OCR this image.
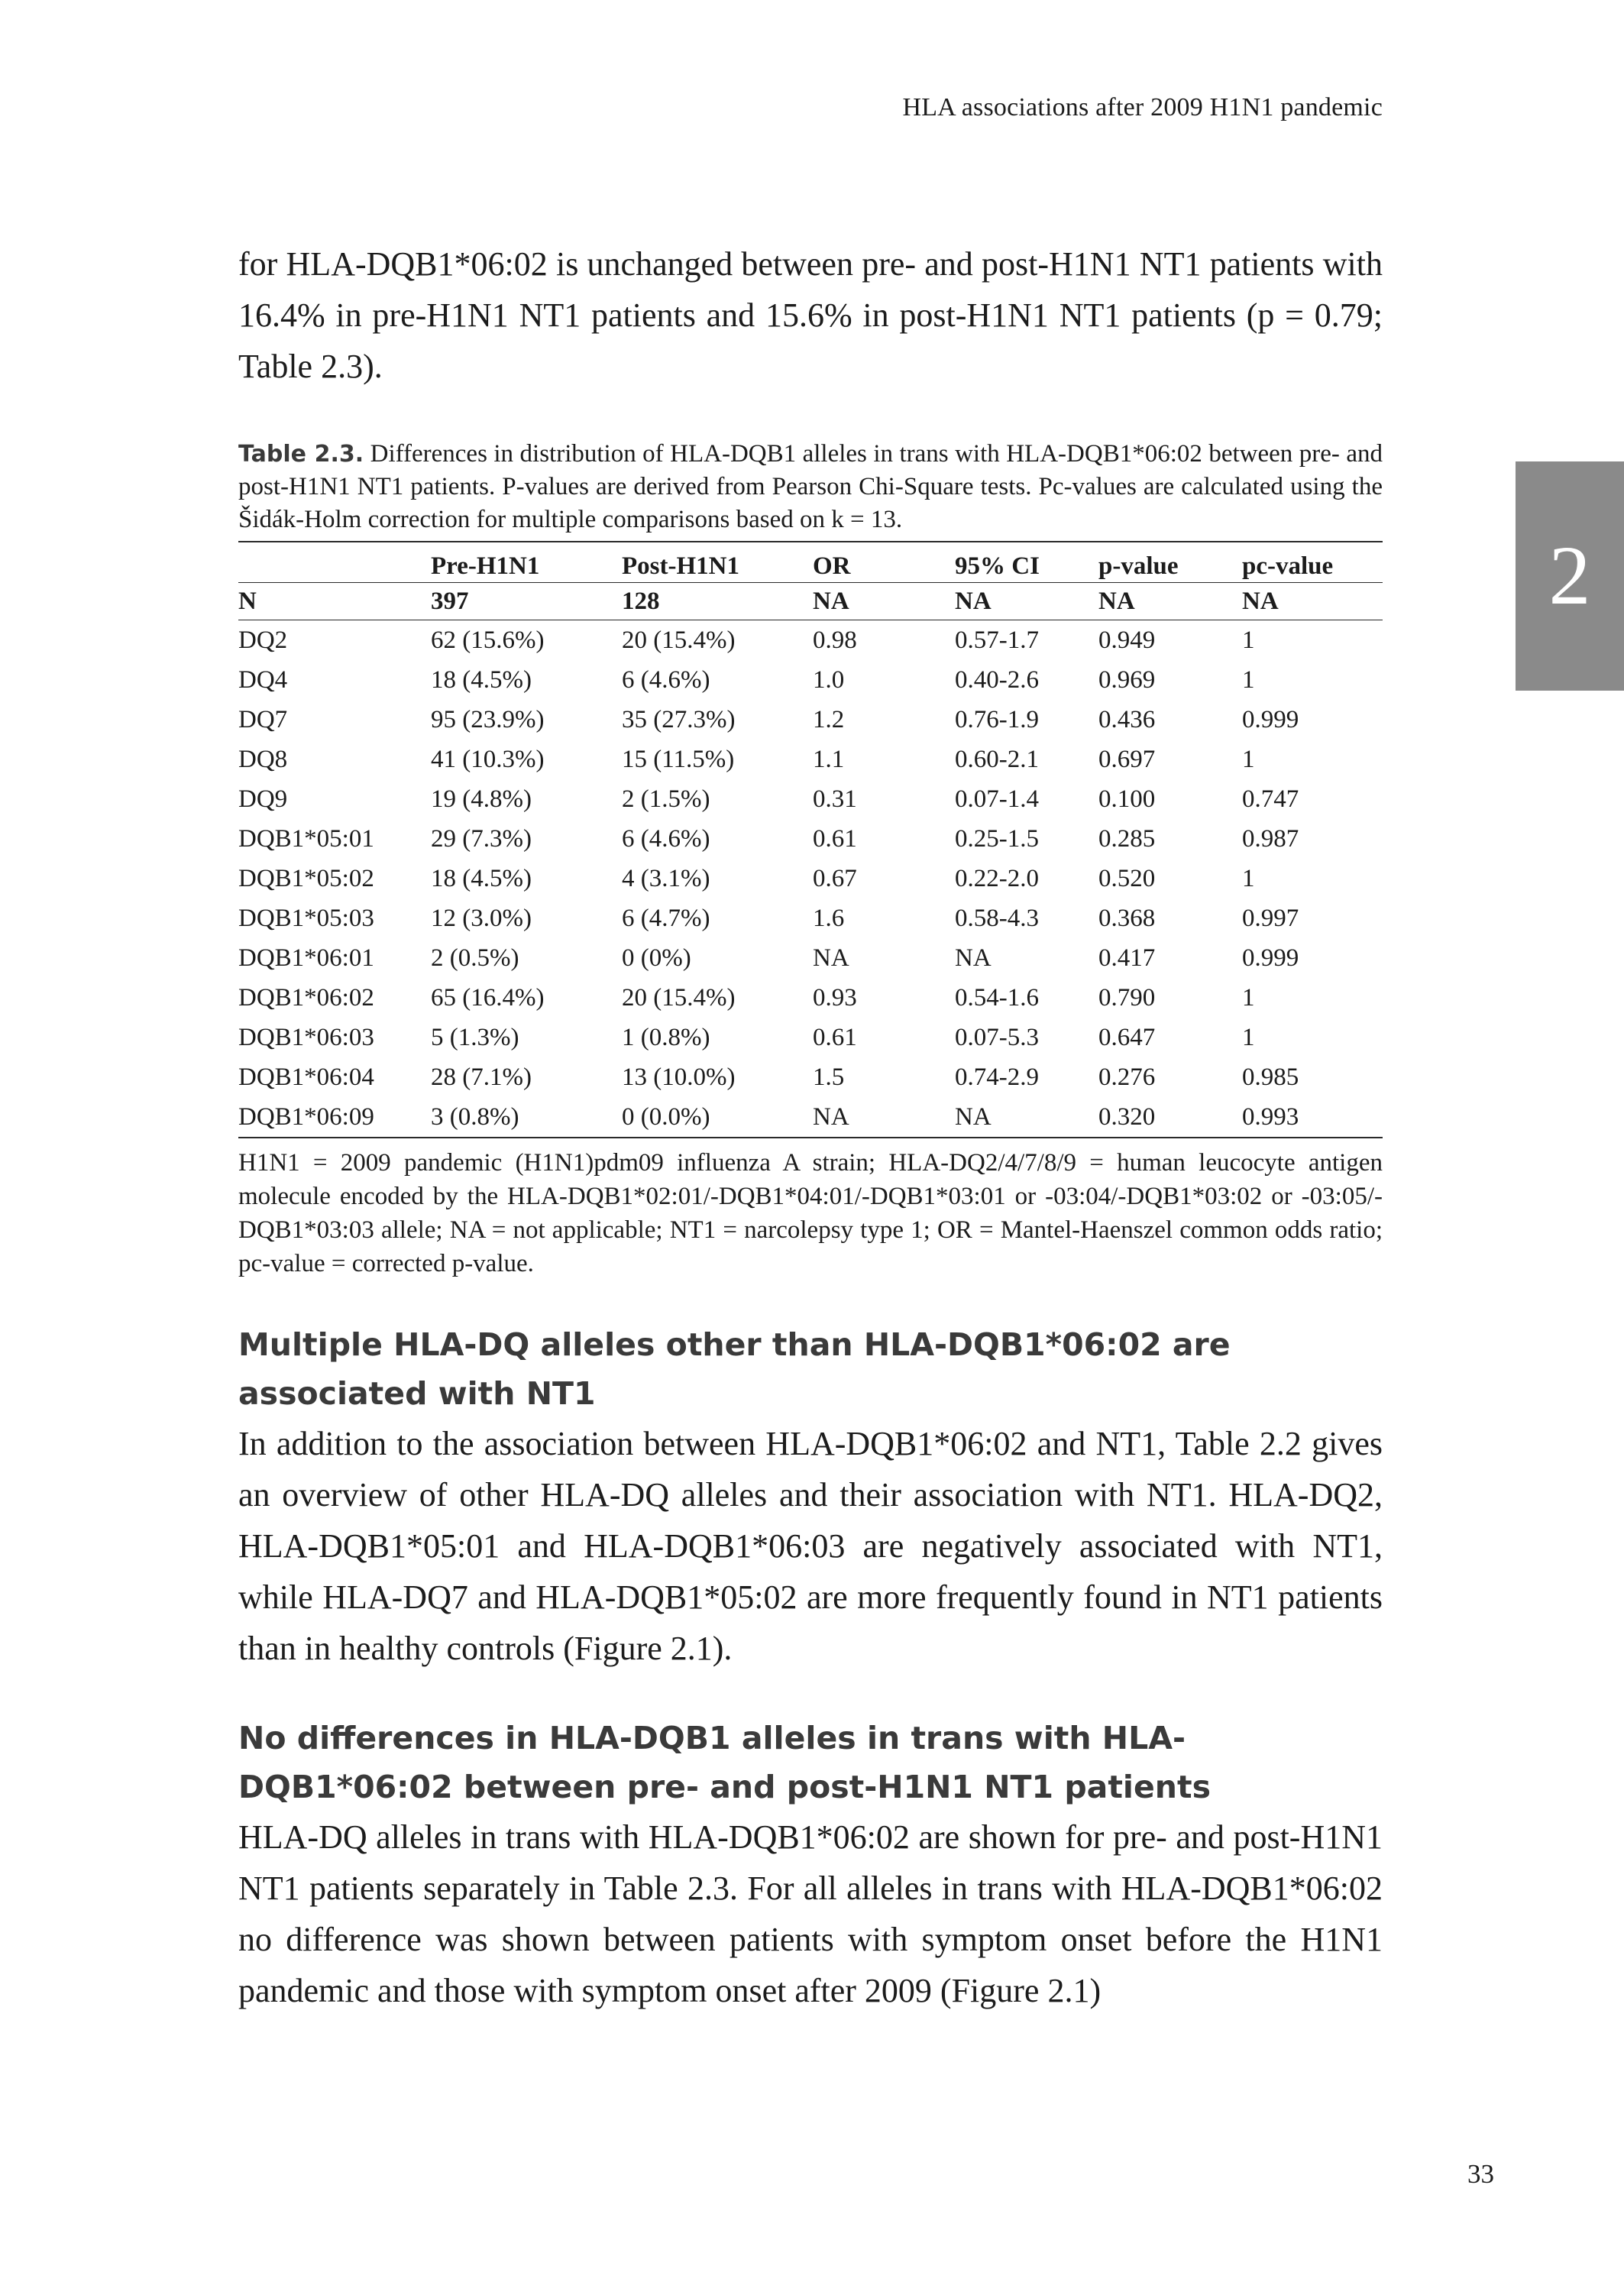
HLA associations after 2009 H1N1 pandemic
2

for HLA-DQB1*06:02 is unchanged between pre- and post-H1N1 NT1 patients with 16.4% in pre-H1N1 NT1 patients and 15.6% in post-H1N1 NT1 patients (p = 0.79; Table 2.3).

Table 2.3. Differences in distribution of HLA-DQB1 alleles in trans with HLA-DQB1*06:02 between pre- and post-H1N1 NT1 patients. P-values are derived from Pearson Chi-Square tests. Pc-values are calculated using the Šidák-Holm correction for multiple comparisons based on k = 13.
	Pre-H1N1	Post-H1N1	OR	95% CI	p-value	pc-value
N	397	128	NA	NA	NA	NA
DQ2	62 (15.6%)	20 (15.4%)	0.98	0.57-1.7	0.949	1
DQ4	18 (4.5%)	6 (4.6%)	1.0	0.40-2.6	0.969	1
DQ7	95 (23.9%)	35 (27.3%)	1.2	0.76-1.9	0.436	0.999
DQ8	41 (10.3%)	15 (11.5%)	1.1	0.60-2.1	0.697	1
DQ9	19 (4.8%)	2 (1.5%)	0.31	0.07-1.4	0.100	0.747
DQB1*05:01	29 (7.3%)	6 (4.6%)	0.61	0.25-1.5	0.285	0.987
DQB1*05:02	18 (4.5%)	4 (3.1%)	0.67	0.22-2.0	0.520	1
DQB1*05:03	12 (3.0%)	6 (4.7%)	1.6	0.58-4.3	0.368	0.997
DQB1*06:01	2 (0.5%)	0 (0%)	NA	NA	0.417	0.999
DQB1*06:02	65 (16.4%)	20 (15.4%)	0.93	0.54-1.6	0.790	1
DQB1*06:03	5 (1.3%)	1 (0.8%)	0.61	0.07-5.3	0.647	1
DQB1*06:04	28 (7.1%)	13 (10.0%)	1.5	0.74-2.9	0.276	0.985
DQB1*06:09	3 (0.8%)	0 (0.0%)	NA	NA	0.320	0.993
H1N1 = 2009 pandemic (H1N1)pdm09 influenza A strain; HLA-DQ2/4/7/8/9 = human leucocyte antigen molecule encoded by the HLA-DQB1*02:01/-DQB1*04:01/-DQB1*03:01 or -03:04/-DQB1*03:02 or -03:05/-DQB1*03:03 allele; NA = not applicable; NT1 = narcolepsy type 1; OR = Mantel-Haenszel common odds ratio; pc-value = corrected p-value.
Multiple HLA-DQ alleles other than HLA-DQB1*06:02 are associated with NT1

In addition to the association between HLA-DQB1*06:02 and NT1, Table 2.2 gives an overview of other HLA-DQ alleles and their association with NT1. HLA-DQ2, HLA-DQB1*05:01 and HLA-DQB1*06:03 are negatively associated with NT1, while HLA-DQ7 and HLA-DQB1*05:02 are more frequently found in NT1 patients than in healthy controls (Figure 2.1).

No differences in HLA-DQB1 alleles in trans with HLA-DQB1*06:02 between pre- and post-H1N1 NT1 patients

HLA-DQ alleles in trans with HLA-DQB1*06:02 are shown for pre- and post-H1N1 NT1 patients separately in Table 2.3. For all alleles in trans with HLA-DQB1*06:02 no difference was shown between patients with symptom onset before the H1N1 pandemic and those with symptom onset after 2009 (Figure 2.1)

33
